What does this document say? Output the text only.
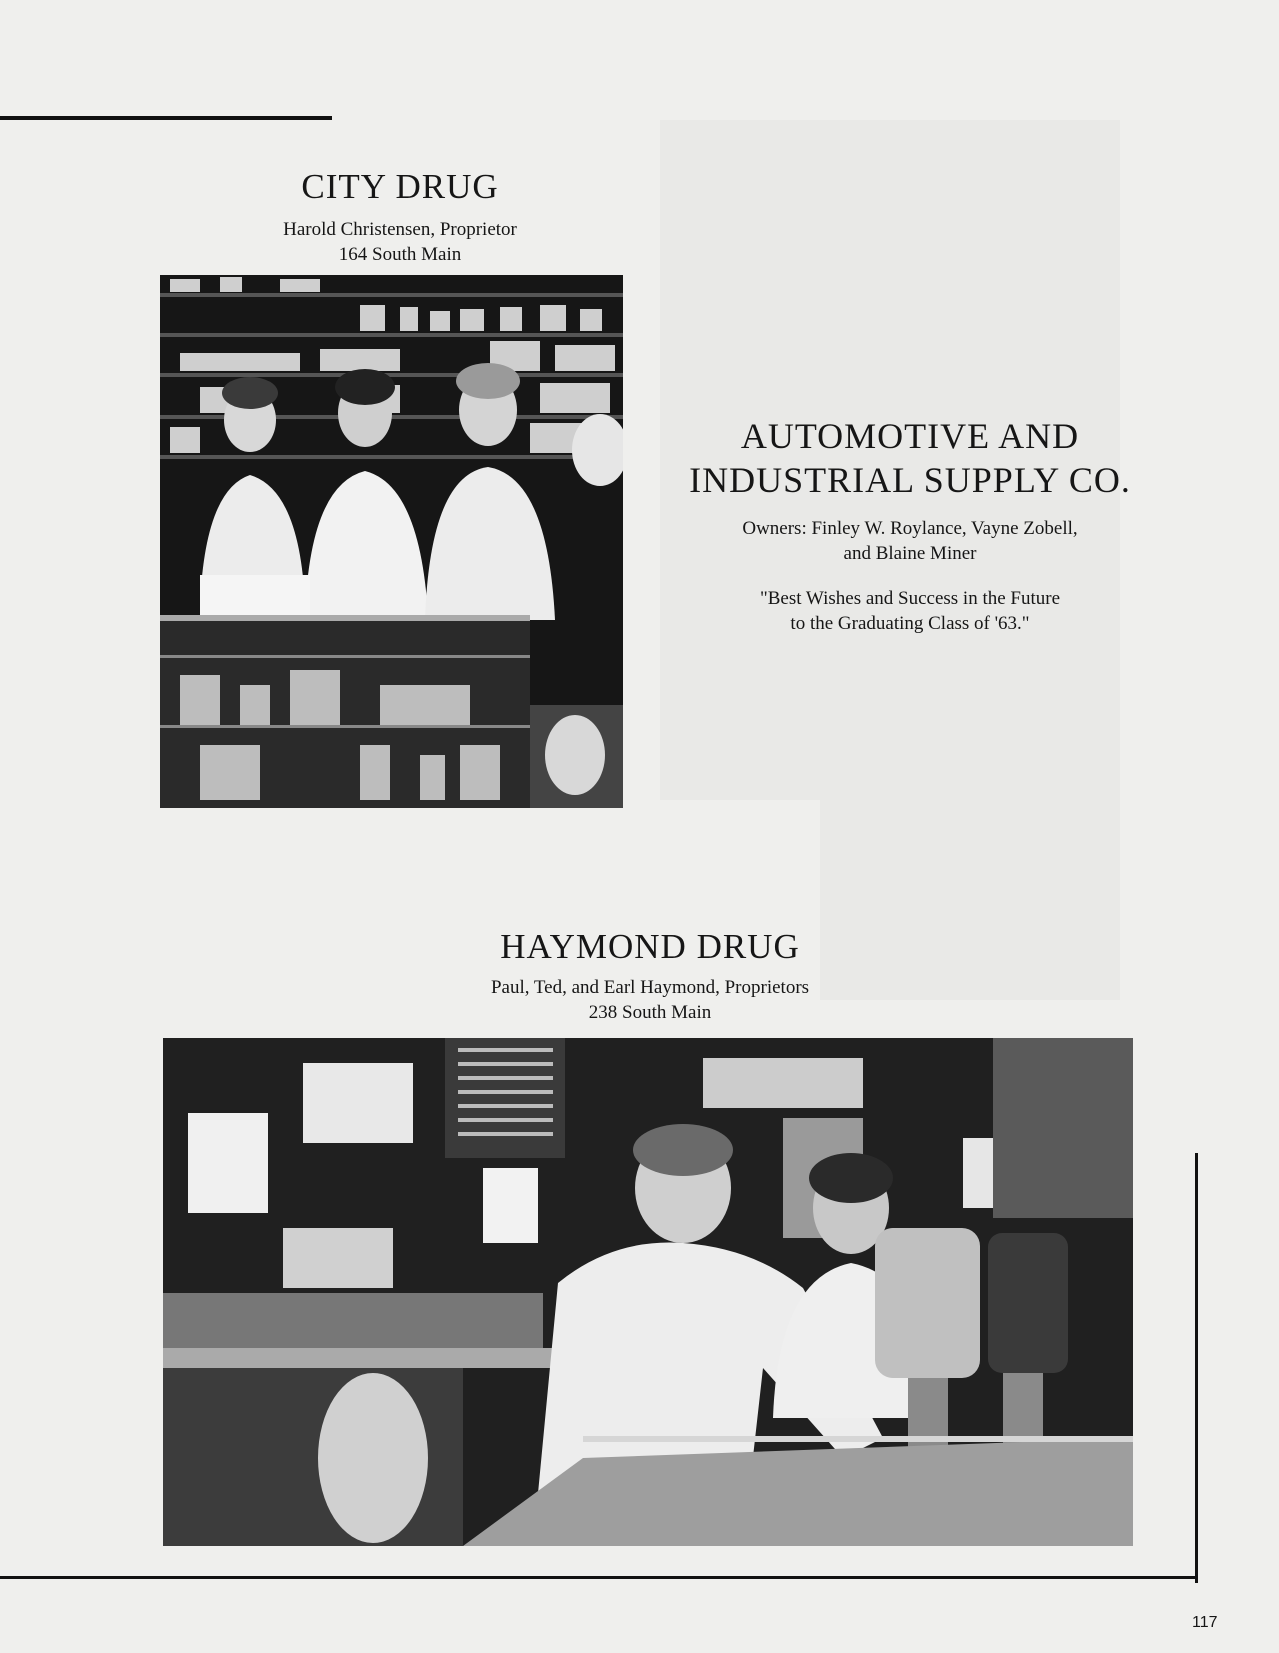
CITY DRUG

Harold Christensen, Proprietor

164 South Main

AUTOMOTIVE AND
INDUSTRIAL SUPPLY CO.
Owners: Finley W. Roylance, Vayne Zobell,
and Blaine Miner
"Best Wishes and Success in the Future
to the Graduating Class of '63."
HAYMOND DRUG

Paul, Ted, and Earl Haymond, Proprietors

238 South Main

117
